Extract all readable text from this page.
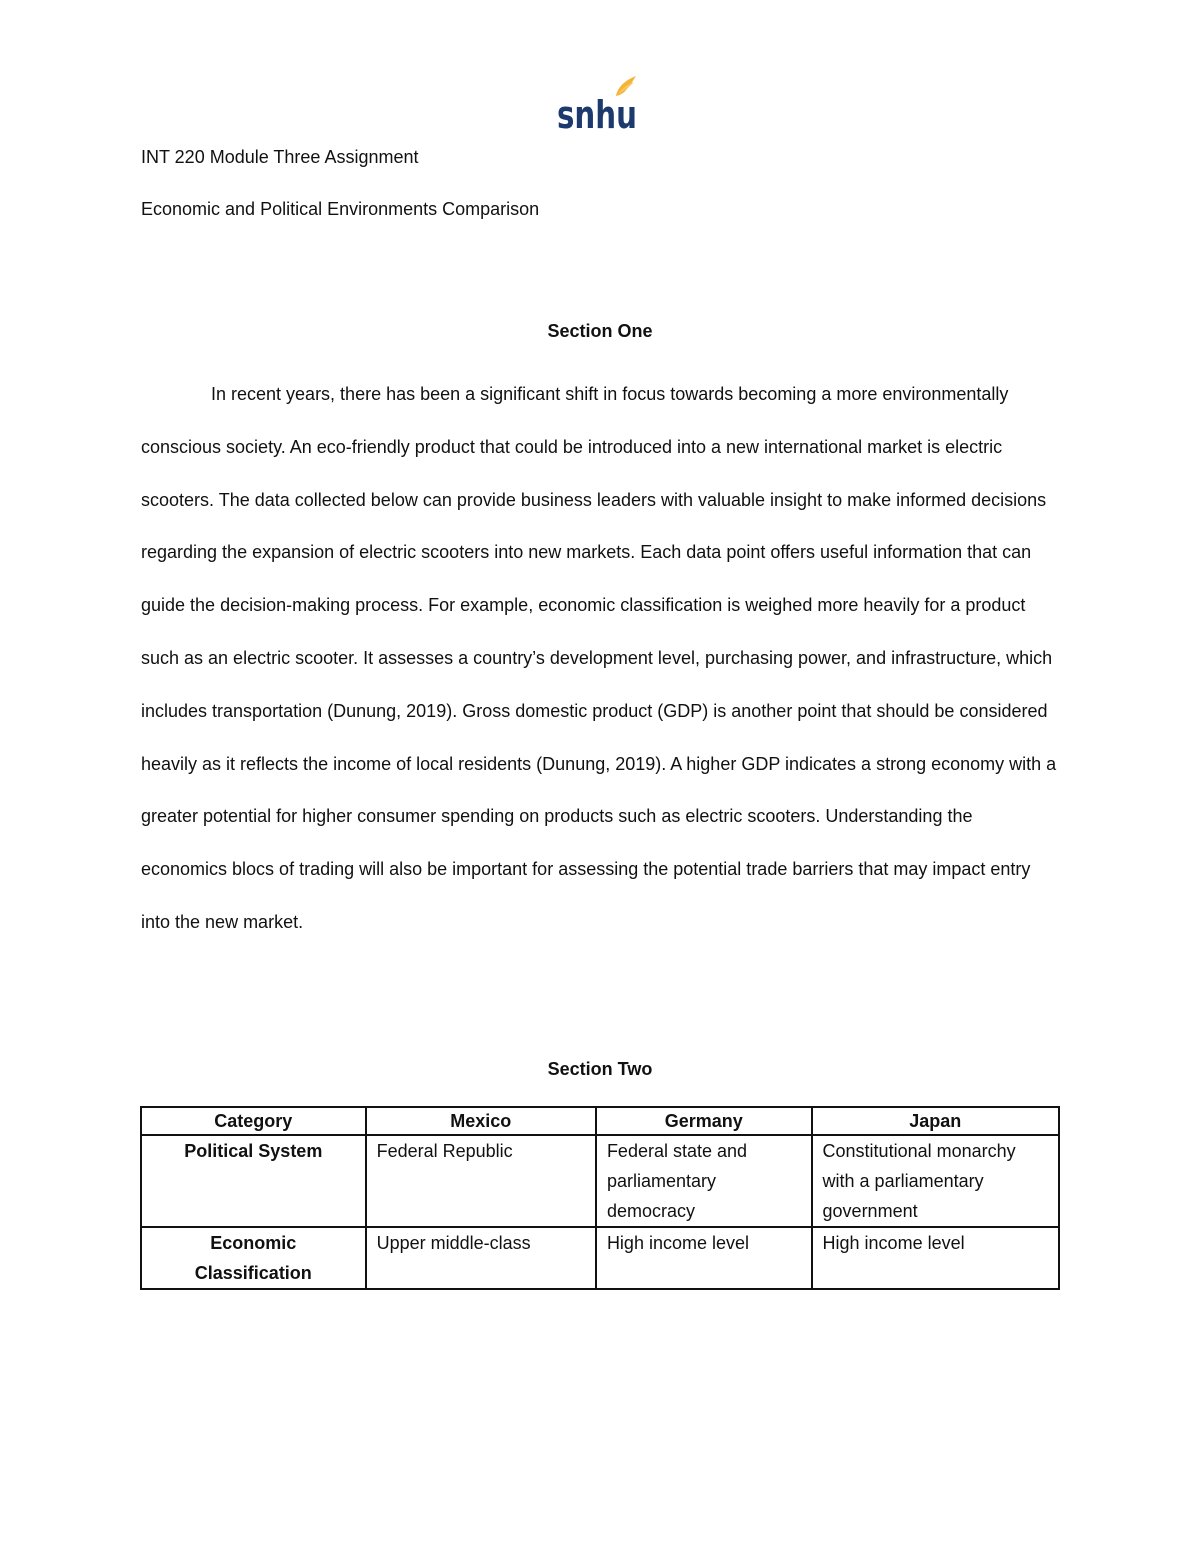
snhu
INT 220 Module Three Assignment
Economic and Political Environments Comparison
Section One

In recent years, there has been a significant shift in focus towards becoming a more environmentally conscious society. An eco-friendly product that could be introduced into a new international market is electric scooters. The data collected below can provide business leaders with valuable insight to make informed decisions regarding the expansion of electric scooters into new markets. Each data point offers useful information that can guide the decision-making process. For example, economic classification is weighed more heavily for a product such as an electric scooter. It assesses a country’s development level, purchasing power, and infrastructure, which includes transportation (Dunung, 2019). Gross domestic product (GDP) is another point that should be considered heavily as it reflects the income of local residents (Dunung, 2019). A higher GDP indicates a strong economy with a greater potential for higher consumer spending on products such as electric scooters. Understanding the economics blocs of trading will also be important for assessing the potential trade barriers that may impact entry into the new market.

Section Two
Category	Mexico	Germany	Japan
Political System	Federal Republic	Federal state and parliamentary democracy	Constitutional monarchy with a parliamentary government
Economic Classification	Upper middle-class	High income level	High income level
